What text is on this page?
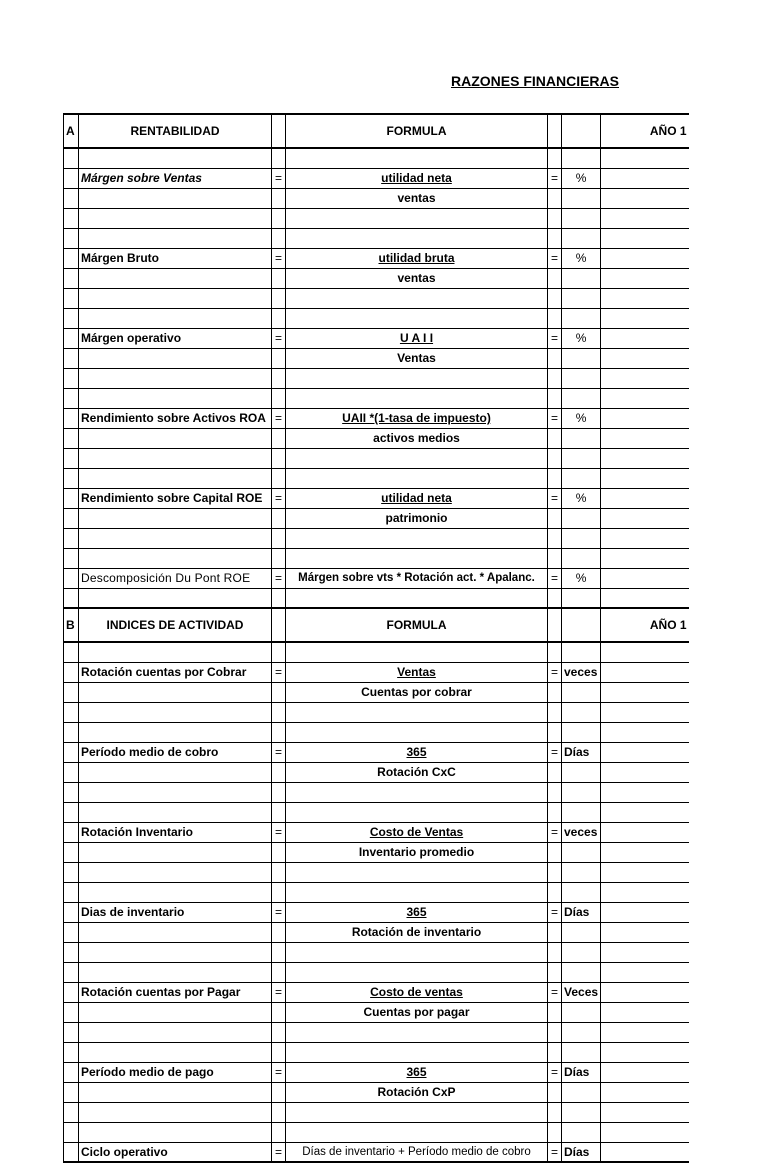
RAZONES FINANCIERAS
A	RENTABILIDAD		FORMULA			AÑO 1

	Márgen sobre Ventas	=	utilidad neta	=	%	
			ventas			

	Márgen Bruto	=	utilidad bruta	=	%	
			ventas			

	Márgen operativo	=	U A I I	=	%	
			Ventas			

	Rendimiento sobre Activos ROA	=	UAII *(1-tasa de impuesto)	=	%	
			activos medios			

	Rendimiento sobre Capital ROE	=	utilidad neta	=	%	
			patrimonio			

	Descomposición Du Pont ROE	=	Márgen sobre vts * Rotación act. * Apalanc.	=	%	

B	INDICES DE ACTIVIDAD		FORMULA			AÑO 1

	Rotación cuentas por Cobrar	=	Ventas	=	veces	
			Cuentas por cobrar			

	Período medio de cobro	=	365	=	Días	
			Rotación CxC			

	Rotación Inventario	=	Costo de Ventas	=	veces	
			Inventario promedio			

	Dias de inventario	=	365	=	Días	
			Rotación de inventario			

	Rotación cuentas por Pagar	=	Costo de ventas	=	Veces	
			Cuentas por pagar			

	Período medio de pago	=	365	=	Días	
			Rotación CxP			

	Ciclo operativo	=	Días de inventario + Período medio de cobro	=	Días	
